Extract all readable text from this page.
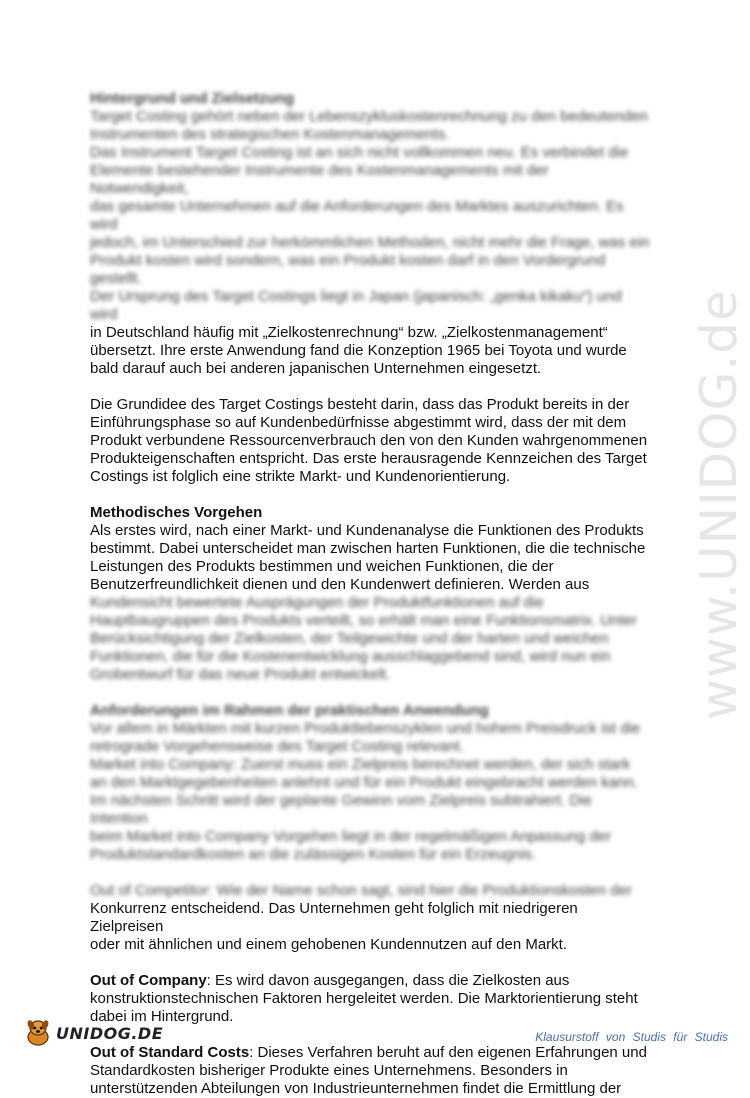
www.UNIDOG.de

Hintergrund und Zielsetzung

Target Costing gehört neben der Lebenszykluskostenrechnung zu den bedeutenden

Instrumenten des strategischen Kostenmanagements.

Das Instrument Target Costing ist an sich nicht vollkommen neu. Es verbindet die

Elemente bestehender Instrumente des Kostenmanagements mit der Notwendigkeit,

das gesamte Unternehmen auf die Anforderungen des Marktes auszurichten. Es wird

jedoch, im Unterschied zur herkömmlichen Methoden, nicht mehr die Frage, was ein

Produkt kosten wird sondern, was ein Produkt kosten darf in den Vordergrund

gestellt.

Der Ursprung des Target Costings liegt in Japan (japanisch: „genka kikaku“) und wird

in Deutschland häufig mit „Zielkostenrechnung“ bzw. „Zielkostenmanagement“

übersetzt. Ihre erste Anwendung fand die Konzeption 1965 bei Toyota und wurde

bald darauf auch bei anderen japanischen Unternehmen eingesetzt.

Die Grundidee des Target Costings besteht darin, dass das Produkt bereits in der

Einführungsphase so auf Kundenbedürfnisse abgestimmt wird, dass der mit dem

Produkt verbundene Ressourcenverbrauch den von den Kunden wahrgenommenen

Produkteigenschaften entspricht. Das erste herausragende Kennzeichen des Target

Costings ist folglich eine strikte Markt- und Kundenorientierung.

Methodisches Vorgehen

Als erstes wird, nach einer Markt- und Kundenanalyse die Funktionen des Produkts

bestimmt. Dabei unterscheidet man zwischen harten Funktionen, die die technische

Leistungen des Produkts bestimmen und weichen Funktionen, die der

Benutzerfreundlichkeit dienen und den Kundenwert definieren. Werden aus

Kundensicht bewertete Ausprägungen der Produktfunktionen auf die

Hauptbaugruppen des Produkts verteilt, so erhält man eine Funktionsmatrix. Unter

Berücksichtigung der Zielkosten, der Teilgewichte und der harten und weichen

Funktionen, die für die Kostenentwicklung ausschlaggebend sind, wird nun ein

Grobentwurf für das neue Produkt entwickelt.

Anforderungen im Rahmen der praktischen Anwendung

Vor allem in Märkten mit kurzen Produktlebenszyklen und hohem Preisdruck ist die

retrograde Vorgehensweise des Target Costing relevant.

Market into Company: Zuerst muss ein Zielpreis berechnet werden, der sich stark

an den Marktgegebenheiten anlehnt und für ein Produkt eingebracht werden kann.

Im nächsten Schritt wird der geplante Gewinn vom Zielpreis subtrahiert. Die Intention

beim Market into Company Vorgehen liegt in der regelmäßigen Anpassung der

Produktstandardkosten an die zulässigen Kosten für ein Erzeugnis.

Out of Competitor: Wie der Name schon sagt, sind hier die Produktionskosten der

Konkurrenz entscheidend. Das Unternehmen geht folglich mit niedrigeren Zielpreisen

oder mit ähnlichen und einem gehobenen Kundennutzen auf den Markt.

Out of Company: Es wird davon ausgegangen, dass die Zielkosten aus

konstruktionstechnischen Faktoren hergeleitet werden. Die Marktorientierung steht

dabei im Hintergrund.

Out of Standard Costs: Dieses Verfahren beruht auf den eigenen Erfahrungen und

Standardkosten bisheriger Produkte eines Unternehmens. Besonders in

unterstützenden Abteilungen von Industrieunternehmen findet die Ermittlung der

UNIDOG.DE	Klausurstoff von Studis für Studis
